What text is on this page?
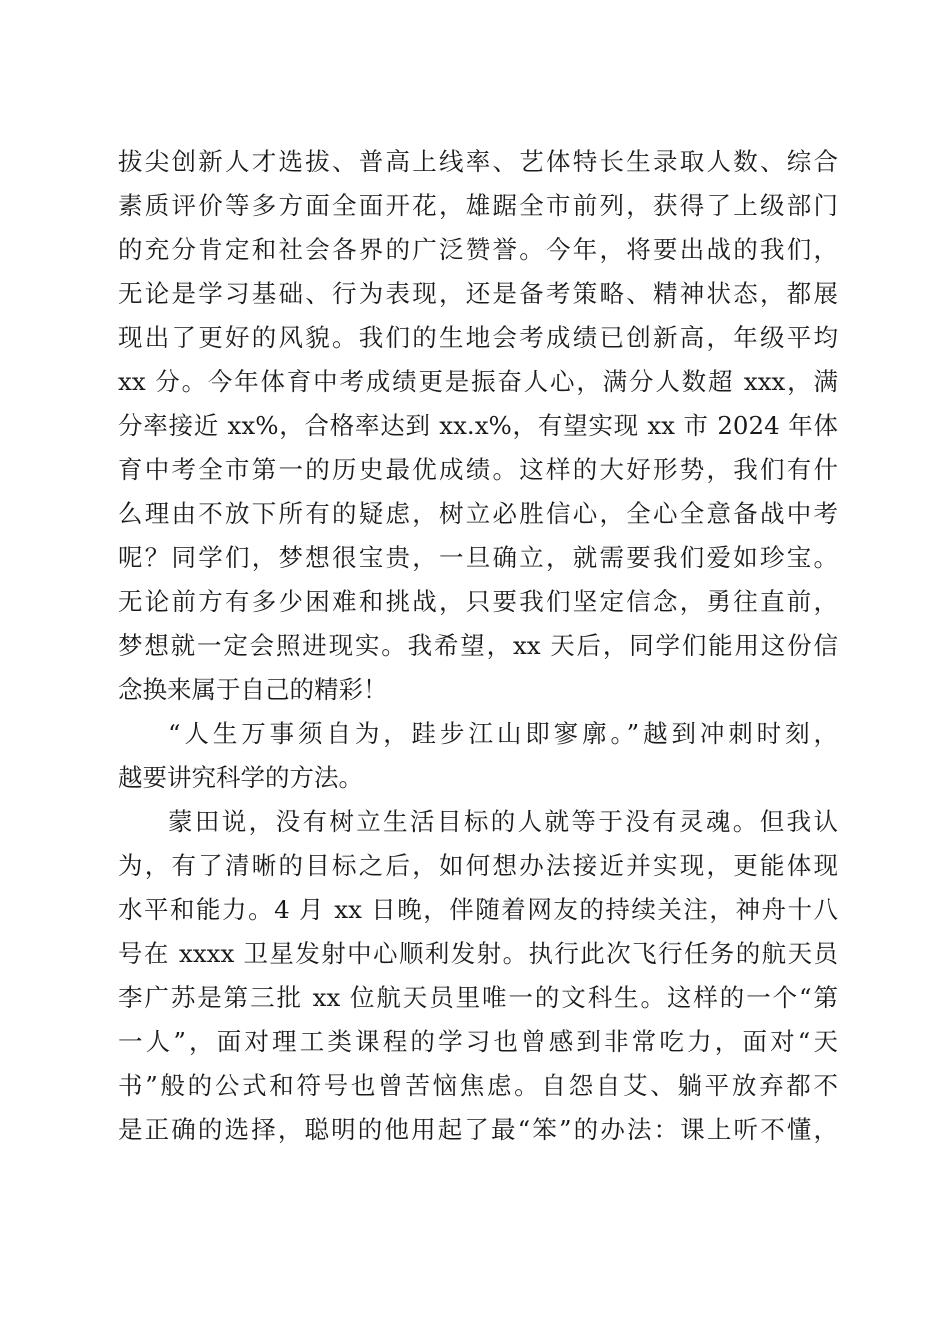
拔尖创新人才选拔、普高上线率、艺体特长生录取人数、综合
素质评价等多方面全面开花，雄踞全市前列，获得了上级部门
的充分肯定和社会各界的广泛赞誉。今年，将要出战的我们，
无论是学习基础、行为表现，还是备考策略、精神状态，都展
现出了更好的风貌。我们的生地会考成绩已创新高，年级平均
xx 分。今年体育中考成绩更是振奋人心，满分人数超 xxx，满
分率接近 xx%，合格率达到 xx.x%，有望实现 xx 市 2024 年体
育中考全市第一的历史最优成绩。这样的大好形势，我们有什
么理由不放下所有的疑虑，树立必胜信心，全心全意备战中考
呢？同学们，梦想很宝贵，一旦确立，就需要我们爱如珍宝。
无论前方有多少困难和挑战，只要我们坚定信念，勇往直前，
梦想就一定会照进现实。我希望，xx 天后，同学们能用这份信
念换来属于自己的精彩！
“人生万事须自为，跬步江山即寥廓。”越到冲刺时刻，
越要讲究科学的方法。
蒙田说，没有树立生活目标的人就等于没有灵魂。但我认
为，有了清晰的目标之后，如何想办法接近并实现，更能体现
水平和能力。4 月 xx 日晚，伴随着网友的持续关注，神舟十八
号在 xxxx 卫星发射中心顺利发射。执行此次飞行任务的航天员
李广苏是第三批 xx 位航天员里唯一的文科生。这样的一个“第
一人”，面对理工类课程的学习也曾感到非常吃力，面对“天
书”般的公式和符号也曾苦恼焦虑。自怨自艾、躺平放弃都不
是正确的选择，聪明的他用起了最“笨”的办法：课上听不懂，
